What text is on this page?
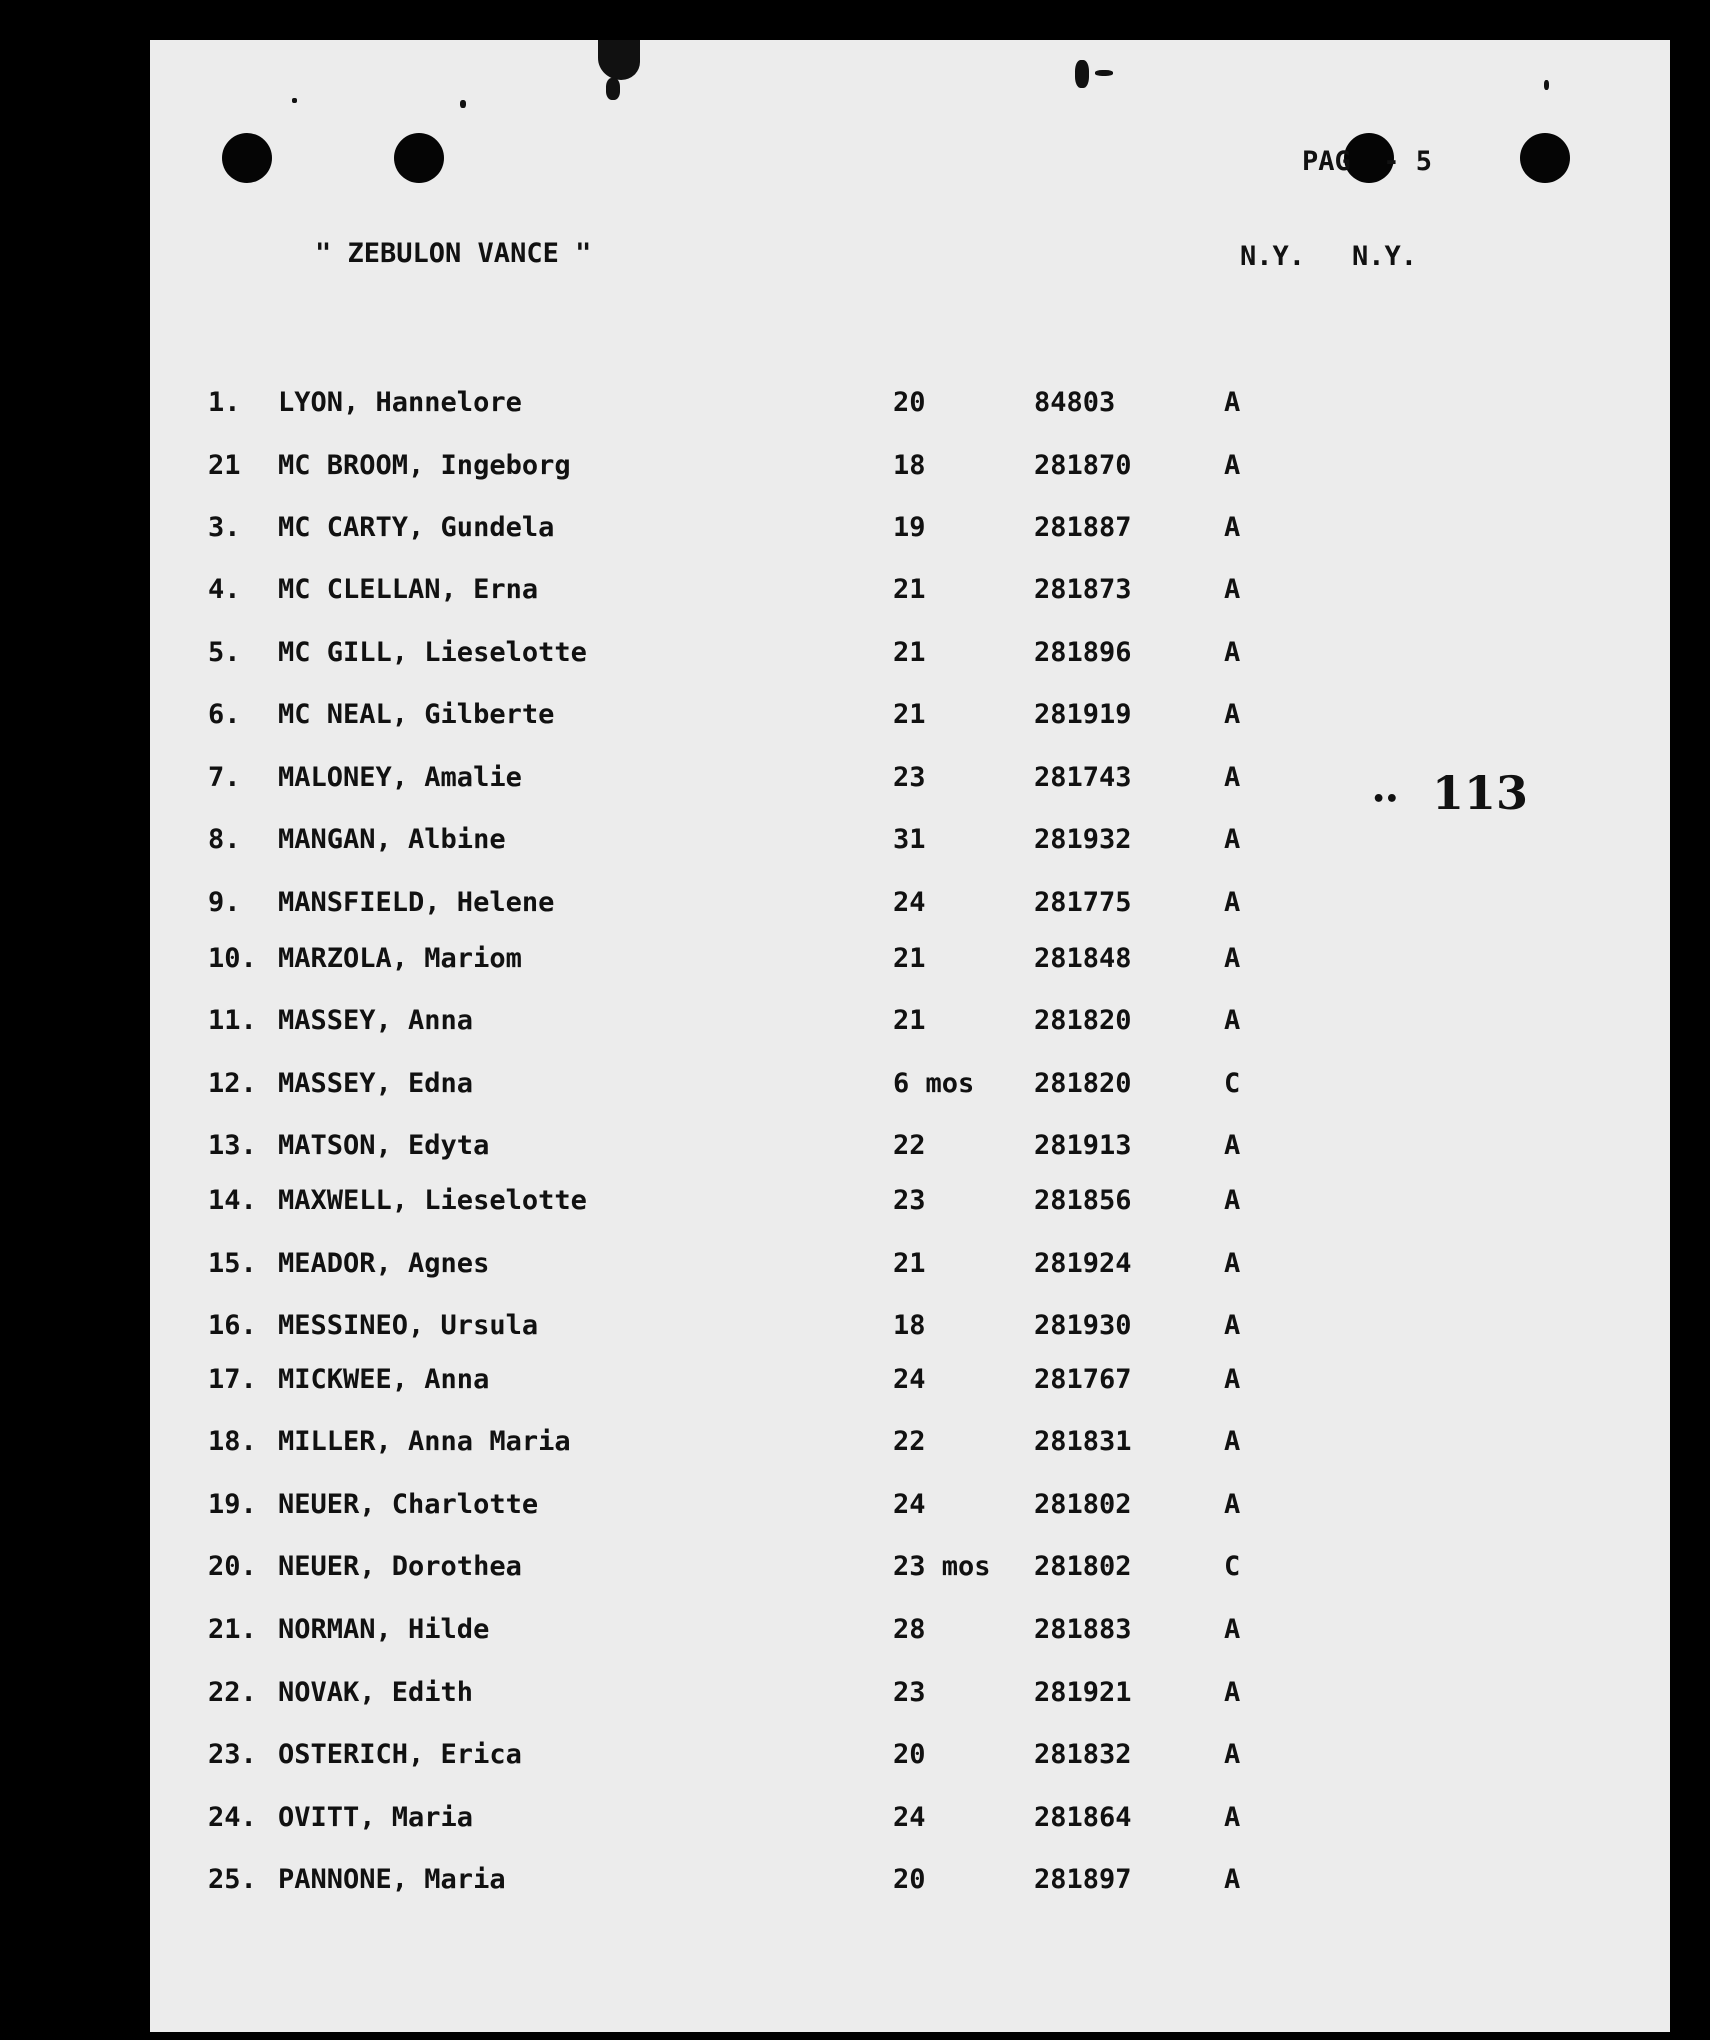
PAG  - 5
" ZEBULON VANCE "	N.Y. N.Y.
•• 113
1. LYON, Hannelore	20	84803	A
21 MC BROOM, Ingeborg	18	281870	A
3. MC CARTY, Gundela	19	281887	A
4. MC CLELLAN, Erna	21	281873	A
5. MC GILL, Lieselotte	21	281896	A
6. MC NEAL, Gilberte	21	281919	A
7. MALONEY, Amalie	23	281743	A
8. MANGAN, Albine	31	281932	A
9. MANSFIELD, Helene	24	281775	A
10. MARZOLA, Mariom	21	281848	A
11. MASSEY, Anna	21	281820	A
12. MASSEY, Edna	6 mos 281820	C
13. MATSON, Edyta	22	281913	A
14. MAXWELL, Lieselotte	23	281856	A
15. MEADOR, Agnes	21	281924	A
16. MESSINEO, Ursula	18	281930	A
17. MICKWEE, Anna	24	281767	A
18. MILLER, Anna Maria	22	281831	A
19. NEUER, Charlotte	24	281802	A
20. NEUER, Dorothea	23 mos 281802	C
21. NORMAN, Hilde	28	281883	A
22. NOVAK, Edith	23	281921	A
23. OSTERICH, Erica	20	281832	A
24. OVITT, Maria	24	281864	A
25. PANNONE, Maria	20	281897	A
